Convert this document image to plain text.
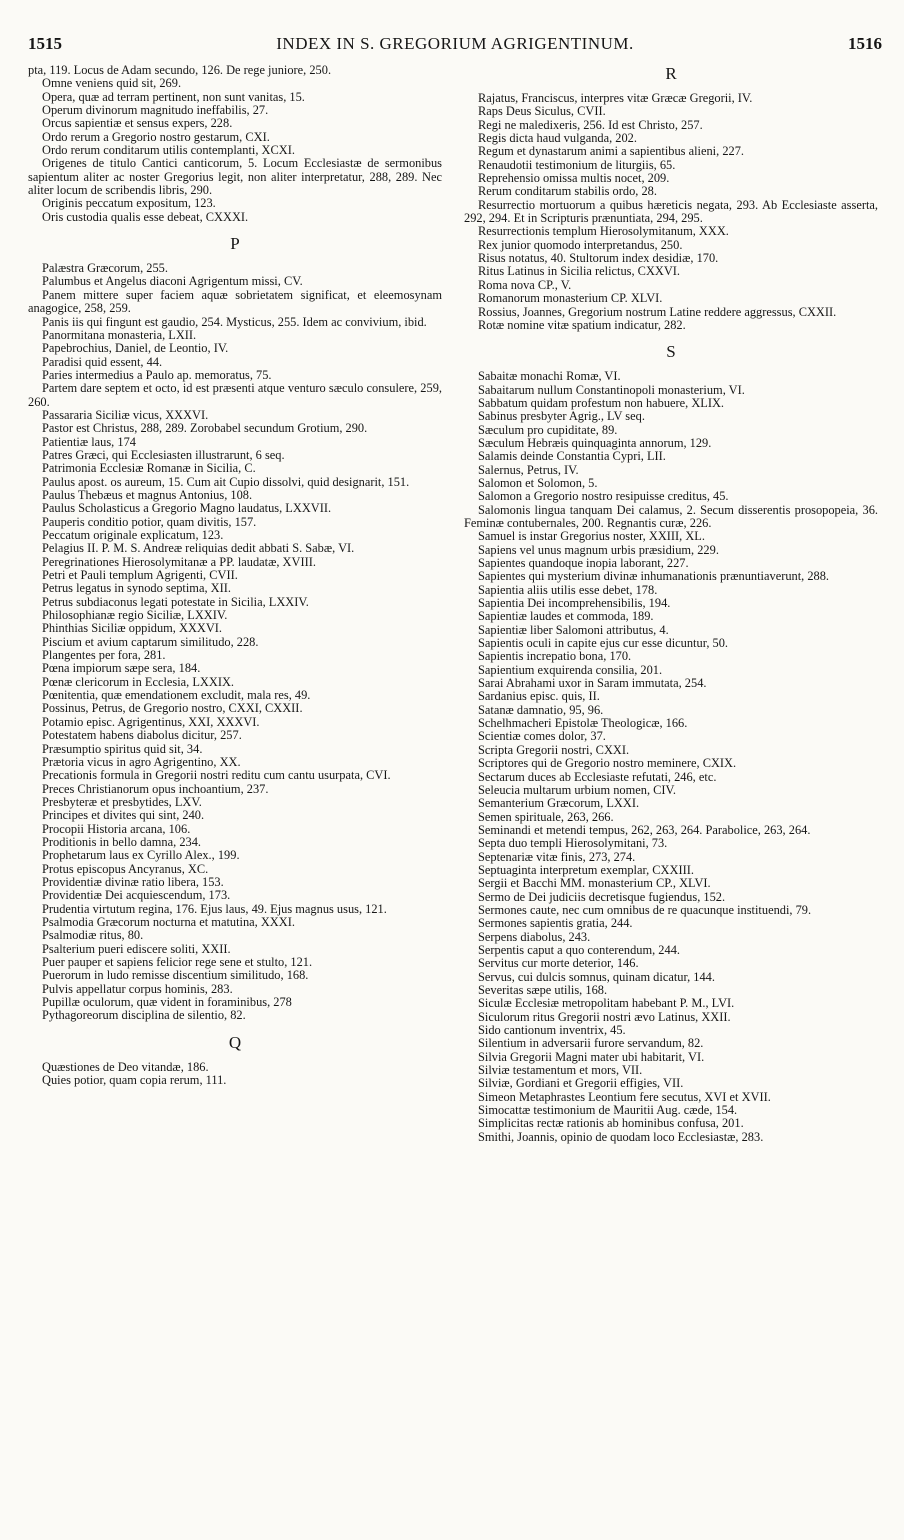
1515	INDEX IN S. GREGORIUM AGRIGENTINUM.	1516

pta, 119. Locus de Adam secundo, 126. De rege juniore, 250.

Omne veniens quid sit, 269.

Opera, quæ ad terram pertinent, non sunt vanitas, 15.

Operum divinorum magnitudo ineffabilis, 27.

Orcus sapientiæ et sensus expers, 228.

Ordo rerum a Gregorio nostro gestarum, CXI.

Ordo rerum conditarum utilis contemplanti, XCXI.

Origenes de titulo Cantici canticorum, 5. Locum Ecclesiastæ de sermonibus sapientum aliter ac noster Gregorius legit, non aliter interpretatur, 288, 289. Nec aliter locum de scribendis libris, 290.

Originis peccatum expositum, 123.

Oris custodia qualis esse debeat, CXXXI.

P

Palæstra Græcorum, 255.

Palumbus et Angelus diaconi Agrigentum missi, CV.

Panem mittere super faciem aquæ sobrietatem significat, et eleemosynam anagogice, 258, 259.

Panis iis qui fingunt est gaudio, 254. Mysticus, 255. Idem ac convivium, ibid.

Panormitana monasteria, LXII.

Papebrochius, Daniel, de Leontio, IV.

Paradisi quid essent, 44.

Paries intermedius a Paulo ap. memoratus, 75.

Partem dare septem et octo, id est præsenti atque venturo sæculo consulere, 259, 260.

Passararia Siciliæ vicus, XXXVI.

Pastor est Christus, 288, 289. Zorobabel secundum Grotium, 290.

Patientiæ laus, 174

Patres Græci, qui Ecclesiasten illustrarunt, 6 seq.

Patrimonia Ecclesiæ Romanæ in Sicilia, C.

Paulus apost. os aureum, 15. Cum ait Cupio dissolvi, quid designarit, 151.

Paulus Thebæus et magnus Antonius, 108.

Paulus Scholasticus a Gregorio Magno laudatus, LXXVII.

Pauperis conditio potior, quam divitis, 157.

Peccatum originale explicatum, 123.

Pelagius II. P. M. S. Andreæ reliquias dedit abbati S. Sabæ, VI.

Peregrinationes Hierosolymitanæ a PP. laudatæ, XVIII.

Petri et Pauli templum Agrigenti, CVII.

Petrus legatus in synodo septima, XII.

Petrus subdiaconus legati potestate in Sicilia, LXXIV.

Philosophianæ regio Siciliæ, LXXIV.

Phinthias Siciliæ oppidum, XXXVI.

Piscium et avium captarum similitudo, 228.

Plangentes per fora, 281.

Pœna impiorum sæpe sera, 184.

Pœnæ clericorum in Ecclesia, LXXIX.

Pœnitentia, quæ emendationem excludit, mala res, 49.

Possinus, Petrus, de Gregorio nostro, CXXI, CXXII.

Potamio episc. Agrigentinus, XXI, XXXVI.

Potestatem habens diabolus dicitur, 257.

Præsumptio spiritus quid sit, 34.

Prætoria vicus in agro Agrigentino, XX.

Precationis formula in Gregorii nostri reditu cum cantu usurpata, CVI.

Preces Christianorum opus inchoantium, 237.

Presbyteræ et presbytides, LXV.

Principes et divites qui sint, 240.

Procopii Historia arcana, 106.

Proditionis in bello damna, 234.

Prophetarum laus ex Cyrillo Alex., 199.

Protus episcopus Ancyranus, XC.

Providentiæ divinæ ratio libera, 153.

Providentiæ Dei acquiescendum, 173.

Prudentia virtutum regina, 176. Ejus laus, 49. Ejus magnus usus, 121.

Psalmodia Græcorum nocturna et matutina, XXXI.

Psalmodiæ ritus, 80.

Psalterium pueri ediscere soliti, XXII.

Puer pauper et sapiens felicior rege sene et stulto, 121.

Puerorum in ludo remisse discentium similitudo, 168.

Pulvis appellatur corpus hominis, 283.

Pupillæ oculorum, quæ vident in foraminibus, 278

Pythagoreorum disciplina de silentio, 82.

Q

Quæstiones de Deo vitandæ, 186.

Quies potior, quam copia rerum, 111.

R

Rajatus, Franciscus, interpres vitæ Græcæ Gregorii, IV.

Raps Deus Siculus, CVII.

Regi ne maledixeris, 256. Id est Christo, 257.

Regis dicta haud vulganda, 202.

Regum et dynastarum animi a sapientibus alieni, 227.

Renaudotii testimonium de liturgiis, 65.

Reprehensio omissa multis nocet, 209.

Rerum conditarum stabilis ordo, 28.

Resurrectio mortuorum a quibus hæreticis negata, 293. Ab Ecclesiaste asserta, 292, 294. Et in Scripturis prænuntiata, 294, 295.

Resurrectionis templum Hierosolymitanum, XXX.

Rex junior quomodo interpretandus, 250.

Risus notatus, 40. Stultorum index desidiæ, 170.

Ritus Latinus in Sicilia relictus, CXXVI.

Roma nova CP., V.

Romanorum monasterium CP. XLVI.

Rossius, Joannes, Gregorium nostrum Latine reddere aggressus, CXXII.

Rotæ nomine vitæ spatium indicatur, 282.

S

Sabaitæ monachi Romæ, VI.

Sabaitarum nullum Constantinopoli monasterium, VI.

Sabbatum quidam profestum non habuere, XLIX.

Sabinus presbyter Agrig., LV seq.

Sæculum pro cupiditate, 89.

Sæculum Hebræis quinquaginta annorum, 129.

Salamis deinde Constantia Cypri, LII.

Salernus, Petrus, IV.

Salomon et Solomon, 5.

Salomon a Gregorio nostro resipuisse creditus, 45.

Salomonis lingua tanquam Dei calamus, 2. Secum disserentis prosopopeia, 36. Feminæ contubernales, 200. Regnantis curæ, 226.

Samuel is instar Gregorius noster, XXIII, XL.

Sapiens vel unus magnum urbis præsidium, 229.

Sapientes quandoque inopia laborant, 227.

Sapientes qui mysterium divinæ inhumanationis prænuntiaverunt, 288.

Sapientia aliis utilis esse debet, 178.

Sapientia Dei incomprehensibilis, 194.

Sapientiæ laudes et commoda, 189.

Sapientiæ liber Salomoni attributus, 4.

Sapientis oculi in capite ejus cur esse dicuntur, 50.

Sapientis increpatio bona, 170.

Sapientium exquirenda consilia, 201.

Sarai Abrahami uxor in Saram immutata, 254.

Sardanius episc. quis, II.

Satanæ damnatio, 95, 96.

Schelhmacheri Epistolæ Theologicæ, 166.

Scientiæ comes dolor, 37.

Scripta Gregorii nostri, CXXI.

Scriptores qui de Gregorio nostro meminere, CXIX.

Sectarum duces ab Ecclesiaste refutati, 246, etc.

Seleucia multarum urbium nomen, CIV.

Semanterium Græcorum, LXXI.

Semen spirituale, 263, 266.

Seminandi et metendi tempus, 262, 263, 264. Parabolice, 263, 264.

Septa duo templi Hierosolymitani, 73.

Septenariæ vitæ finis, 273, 274.

Septuaginta interpretum exemplar, CXXIII.

Sergii et Bacchi MM. monasterium CP., XLVI.

Sermo de Dei judiciis decretisque fugiendus, 152.

Sermones caute, nec cum omnibus de re quacunque instituendi, 79.

Sermones sapientis gratia, 244.

Serpens diabolus, 243.

Serpentis caput a quo conterendum, 244.

Servitus cur morte deterior, 146.

Servus, cui dulcis somnus, quinam dicatur, 144.

Severitas sæpe utilis, 168.

Siculæ Ecclesiæ metropolitam habebant P. M., LVI.

Siculorum ritus Gregorii nostri ævo Latinus, XXII.

Sido cantionum inventrix, 45.

Silentium in adversarii furore servandum, 82.

Silvia Gregorii Magni mater ubi habitarit, VI.

Silviæ testamentum et mors, VII.

Silviæ, Gordiani et Gregorii effigies, VII.

Simeon Metaphrastes Leontium fere secutus, XVI et XVII.

Simocattæ testimonium de Mauritii Aug. cæde, 154.

Simplicitas rectæ rationis ab hominibus confusa, 201.

Smithi, Joannis, opinio de quodam loco Ecclesiastæ, 283.
